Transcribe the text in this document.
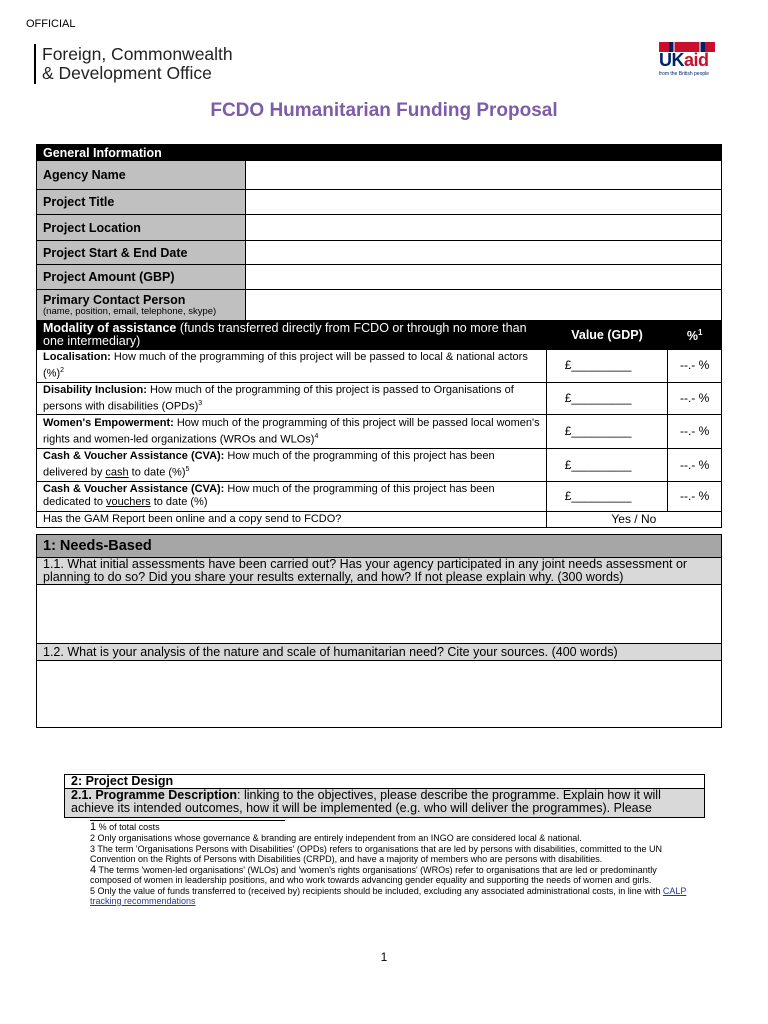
OFFICIAL
Foreign, Commonwealth
& Development Office
UKaid
from the British people
FCDO Humanitarian Funding Proposal
General Information	
Agency Name	
Project Title	
Project Location	
Project Start & End Date	
Project Amount (GBP)	
Primary Contact Person
(name, position, email, telephone, skype)	

Modality of assistance (funds transferred directly from FCDO or through no more than one intermediary)	Value (GDP)	%$^1$
Localisation: How much of the programming of this project will be passed to local & national actors (%)$^2$	£_________	--.- %
Disability Inclusion: How much of the programming of this project is passed to Organisations of persons with disabilities (OPDs)$^3$	£_________	--.- %
Women's Empowerment: How much of the programming of this project will be passed local women's rights and women-led organizations (WROs and WLOs)$^4$	£_________	--.- %
Cash & Voucher Assistance (CVA): How much of the programming of this project has been delivered by cash to date (%)$^5$	£_________	--.- %
Cash & Voucher Assistance (CVA): How much of the programming of this project has been dedicated to vouchers to date (%)	£_________	--.- %
Has the GAM Report been online and a copy send to FCDO?	Yes / No	
1: Needs-Based
1.1. What initial assessments have been carried out? Has your agency participated in any joint needs assessment or planning to do so? Did you share your results externally, and how? If not please explain why. (300 words)

1.2. What is your analysis of the nature and scale of humanitarian need? Cite your sources. (400 words)

2: Project Design
2.1. Programme Description: linking to the objectives, please describe the programme. Explain how it will achieve its intended outcomes, how it will be implemented (e.g. who will deliver the programmes). Please

1 % of total costs

2 Only organisations whose governance & branding are entirely independent from an INGO are considered local & national.

3 The term 'Organisations Persons with Disabilities' (OPDs) refers to organisations that are led by persons with disabilities, committed to the UN Convention on the Rights of Persons with Disabilities (CRPD), and have a majority of members who are persons with disabilities.

4 The terms 'women-led organisations' (WLOs) and 'women's rights organisations' (WROs) refer to organisations that are led or predominantly composed of women in leadership positions, and who work towards advancing gender equality and supporting the needs of women and girls.

5 Only the value of funds transferred to (received by) recipients should be included, excluding any associated administrational costs, in line with CALP tracking recommendations

1
